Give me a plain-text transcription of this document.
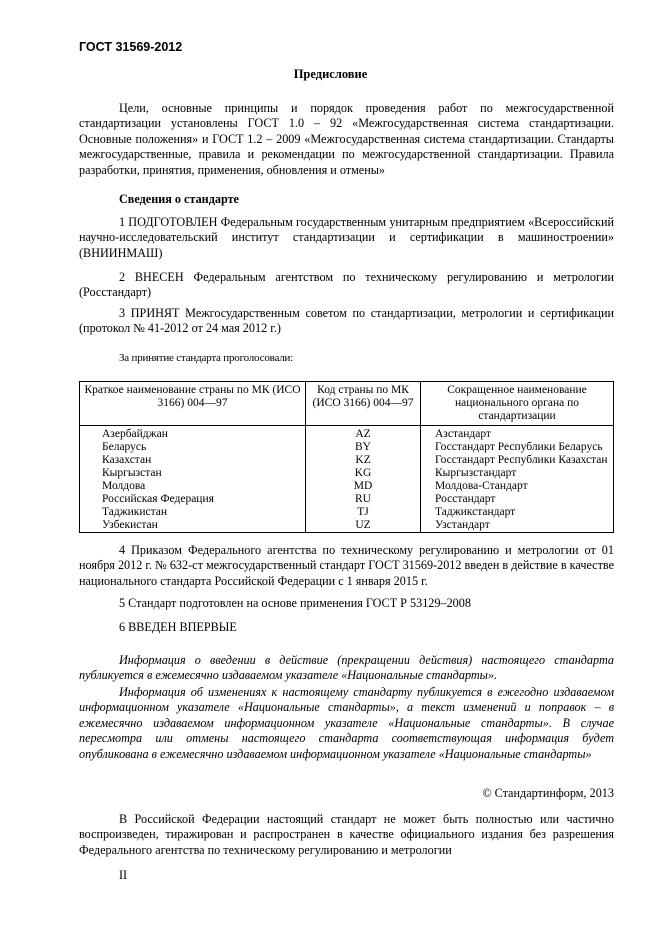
ГОСТ 31569-2012
Предисловие
Цели, основные принципы и порядок проведения работ по межгосударственной стандартизации установлены ГОСТ 1.0 – 92 «Межгосударственная система стандартизации. Основные положения» и ГОСТ 1.2 – 2009 «Межгосударственная система стандартизации. Стандарты межгосударственные, правила и рекомендации по межгосударственной стандартизации. Правила разработки, принятия, применения, обновления и отмены»
Сведения о стандарте
1 ПОДГОТОВЛЕН Федеральным государственным унитарным предприятием «Всероссийский научно-исследовательский институт стандартизации и сертификации в машиностроении» (ВНИИНМАШ)
2 ВНЕСЕН Федеральным агентством по техническому регулированию и метрологии (Росстандарт)
3 ПРИНЯТ Межгосударственным советом по стандартизации, метрологии и сертификации (протокол № 41-2012 от 24 мая 2012 г.)
За принятие стандарта проголосовали:
Краткое наименование страны по МК (ИСО 3166) 004—97	Код страны по МК (ИСО 3166) 004—97	Сокращенное наименование национального органа по стандартизации
Азербайджан	AZ	Азстандарт
Беларусь	BY	Госстандарт Республики Беларусь
Казахстан	KZ	Госстандарт Республики Казахстан
Кыргызстан	KG	Кыргызстандарт
Молдова	MD	Молдова-Стандарт
Российская Федерация	RU	Росстандарт
Таджикистан	TJ	Таджикстандарт
Узбекистан	UZ	Узстандарт
4 Приказом Федерального агентства по техническому регулированию и метрологии от 01 ноября 2012 г. № 632-ст межгосударственный стандарт ГОСТ 31569-2012 введен в действие в качестве национального стандарта Российской Федерации с 1 января 2015 г.
5 Стандарт подготовлен на основе применения ГОСТ Р 53129–2008
6 ВВЕДЕН ВПЕРВЫЕ
Информация о введении в действие (прекращении действия) настоящего стандарта публикуется в ежемесячно издаваемом указателе «Национальные стандарты».
Информация об изменениях к настоящему стандарту публикуется в ежегодно издаваемом информационном указателе «Национальные стандарты», а текст изменений и поправок – в ежемесячно издаваемом информационном указателе «Национальные стандарты». В случае пересмотра или отмены настоящего стандарта соответствующая информация будет опубликована в ежемесячно издаваемом информационном указателе «Национальные стандарты»
© Стандартинформ, 2013
В Российской Федерации настоящий стандарт не может быть полностью или частично воспроизведен, тиражирован и распространен в качестве официального издания без разрешения Федерального агентства по техническому регулированию и метрологии
II
